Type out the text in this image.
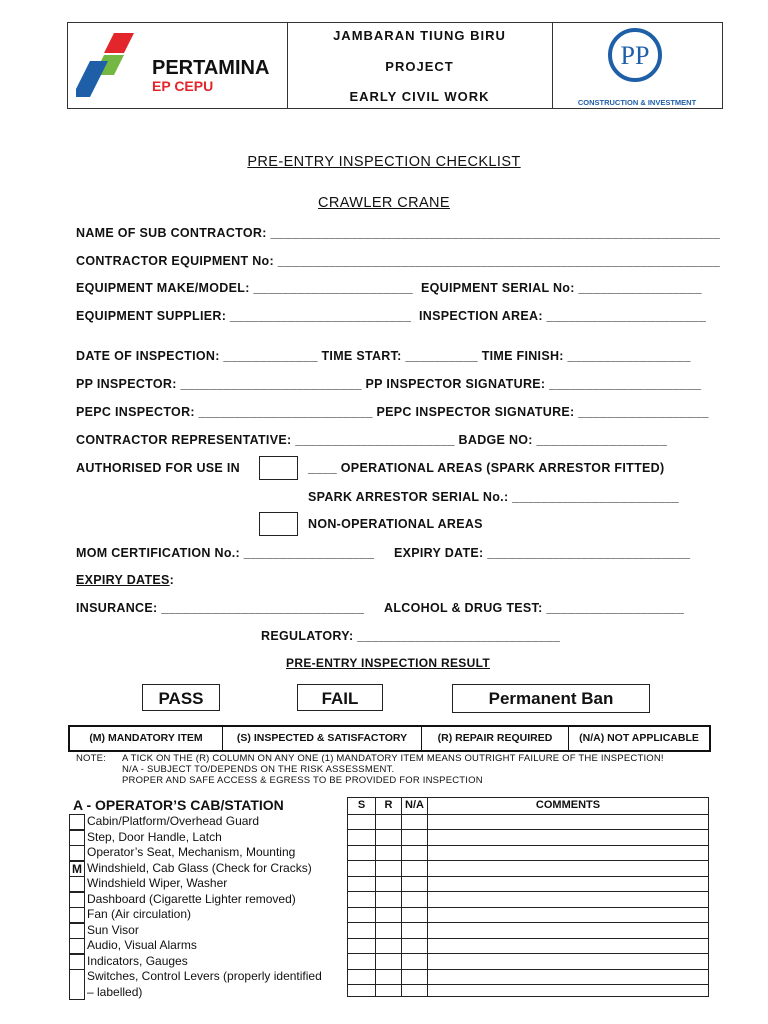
PERTAMINA
EP CEPU
JAMBARAN TIUNG BIRU
PROJECT
EARLY CIVIL WORK
PP
CONSTRUCTION & INVESTMENT
PRE-ENTRY INSPECTION CHECKLIST
CRAWLER CRANE
NAME OF SUB CONTRACTOR: ______________________________________________________________
CONTRACTOR EQUIPMENT No: _____________________________________________________________
EQUIPMENT MAKE/MODEL: ______________________ EQUIPMENT SERIAL No: _________________
EQUIPMENT SUPPLIER: _________________________ INSPECTION AREA: ______________________
DATE OF INSPECTION: _____________ TIME START: __________ TIME FINISH: _________________
PP INSPECTOR: _________________________ PP INSPECTOR SIGNATURE: _____________________
PEPC INSPECTOR: ________________________ PEPC INSPECTOR SIGNATURE: __________________
CONTRACTOR REPRESENTATIVE: ______________________ BADGE NO: __________________
AUTHORISED FOR USE IN	____ OPERATIONAL AREAS (SPARK ARRESTOR FITTED)
SPARK ARRESTOR SERIAL No.: _______________________
NON-OPERATIONAL AREAS
MOM CERTIFICATION No.: __________________ EXPIRY DATE: ____________________________
EXPIRY DATES:
INSURANCE: ____________________________ ALCOHOL & DRUG TEST: ___________________
REGULATORY: ____________________________
PRE-ENTRY INSPECTION RESULT
PASS	FAIL	Permanent Ban
(M) MANDATORY ITEM	(S) INSPECTED & SATISFACTORY	(R) REPAIR REQUIRED	(N/A) NOT APPLICABLE
NOTE: A TICK ON THE (R) COLUMN ON ANY ONE (1) MANDATORY ITEM MEANS OUTRIGHT FAILURE OF THE INSPECTION!
N/A - SUBJECT TO/DEPENDS ON THE RISK ASSESSMENT.
PROPER AND SAFE ACCESS & EGRESS TO BE PROVIDED FOR INSPECTION
A - OPERATOR’S CAB/STATION	S	R	N/A	COMMENTS
Cabin/Platform/Overhead Guard
Step, Door Handle, Latch
Operator’s Seat, Mechanism, Mounting
M Windshield, Cab Glass (Check for Cracks)
Windshield Wiper, Washer
Dashboard (Cigarette Lighter removed)
Fan (Air circulation)
Sun Visor
Audio, Visual Alarms
Indicators, Gauges
Switches, Control Levers (properly identified
– labelled)
